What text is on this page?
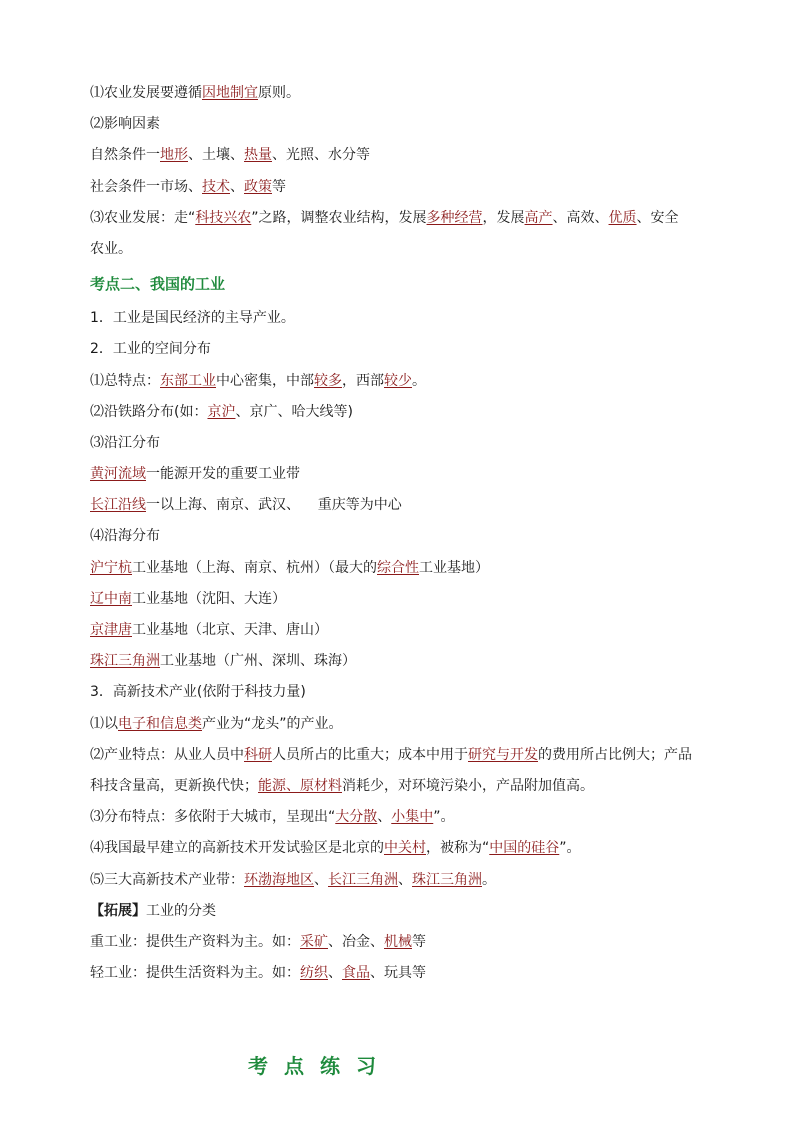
⑴农业发展要遵循因地制宜原则。
⑵影响因素
自然条件一地形、土壤、热量、光照、水分等
社会条件一市场、技术、政策等
⑶农业发展：走“科技兴农”之路，调整农业结构，发展多种经营，发展高产、高效、优质、安全
农业。
考点二、我国的工业
1．工业是国民经济的主导产业。
2．工业的空间分布
⑴总特点：东部工业中心密集，中部较多，西部较少。
⑵沿铁路分布(如：京沪、京广、哈大线等)
⑶沿江分布
黄河流域一能源开发的重要工业带
长江沿线一以上海、南京、武汉、    重庆等为中心
⑷沿海分布
沪宁杭工业基地（上海、南京、杭州）（最大的综合性工业基地）
辽中南工业基地（沈阳、大连）
京津唐工业基地（北京、天津、唐山）
珠江三角洲工业基地（广州、深圳、珠海）
3．高新技术产业(依附于科技力量)
⑴以电子和信息类产业为“龙头”的产业。
⑵产业特点：从业人员中科研人员所占的比重大；成本中用于研究与开发的费用所占比例大；产品
科技含量高，更新换代快；能源、原材料消耗少，对环境污染小，产品附加值高。
⑶分布特点：多依附于大城市，呈现出“大分散、小集中”。
⑷我国最早建立的高新技术开发试验区是北京的中关村，被称为“中国的硅谷”。
⑸三大高新技术产业带：环渤海地区、长江三角洲、珠江三角洲。
【拓展】工业的分类
重工业：提供生产资料为主。如：采矿、冶金、机械等
轻工业：提供生活资料为主。如：纺织、食品、玩具等
考点练习
